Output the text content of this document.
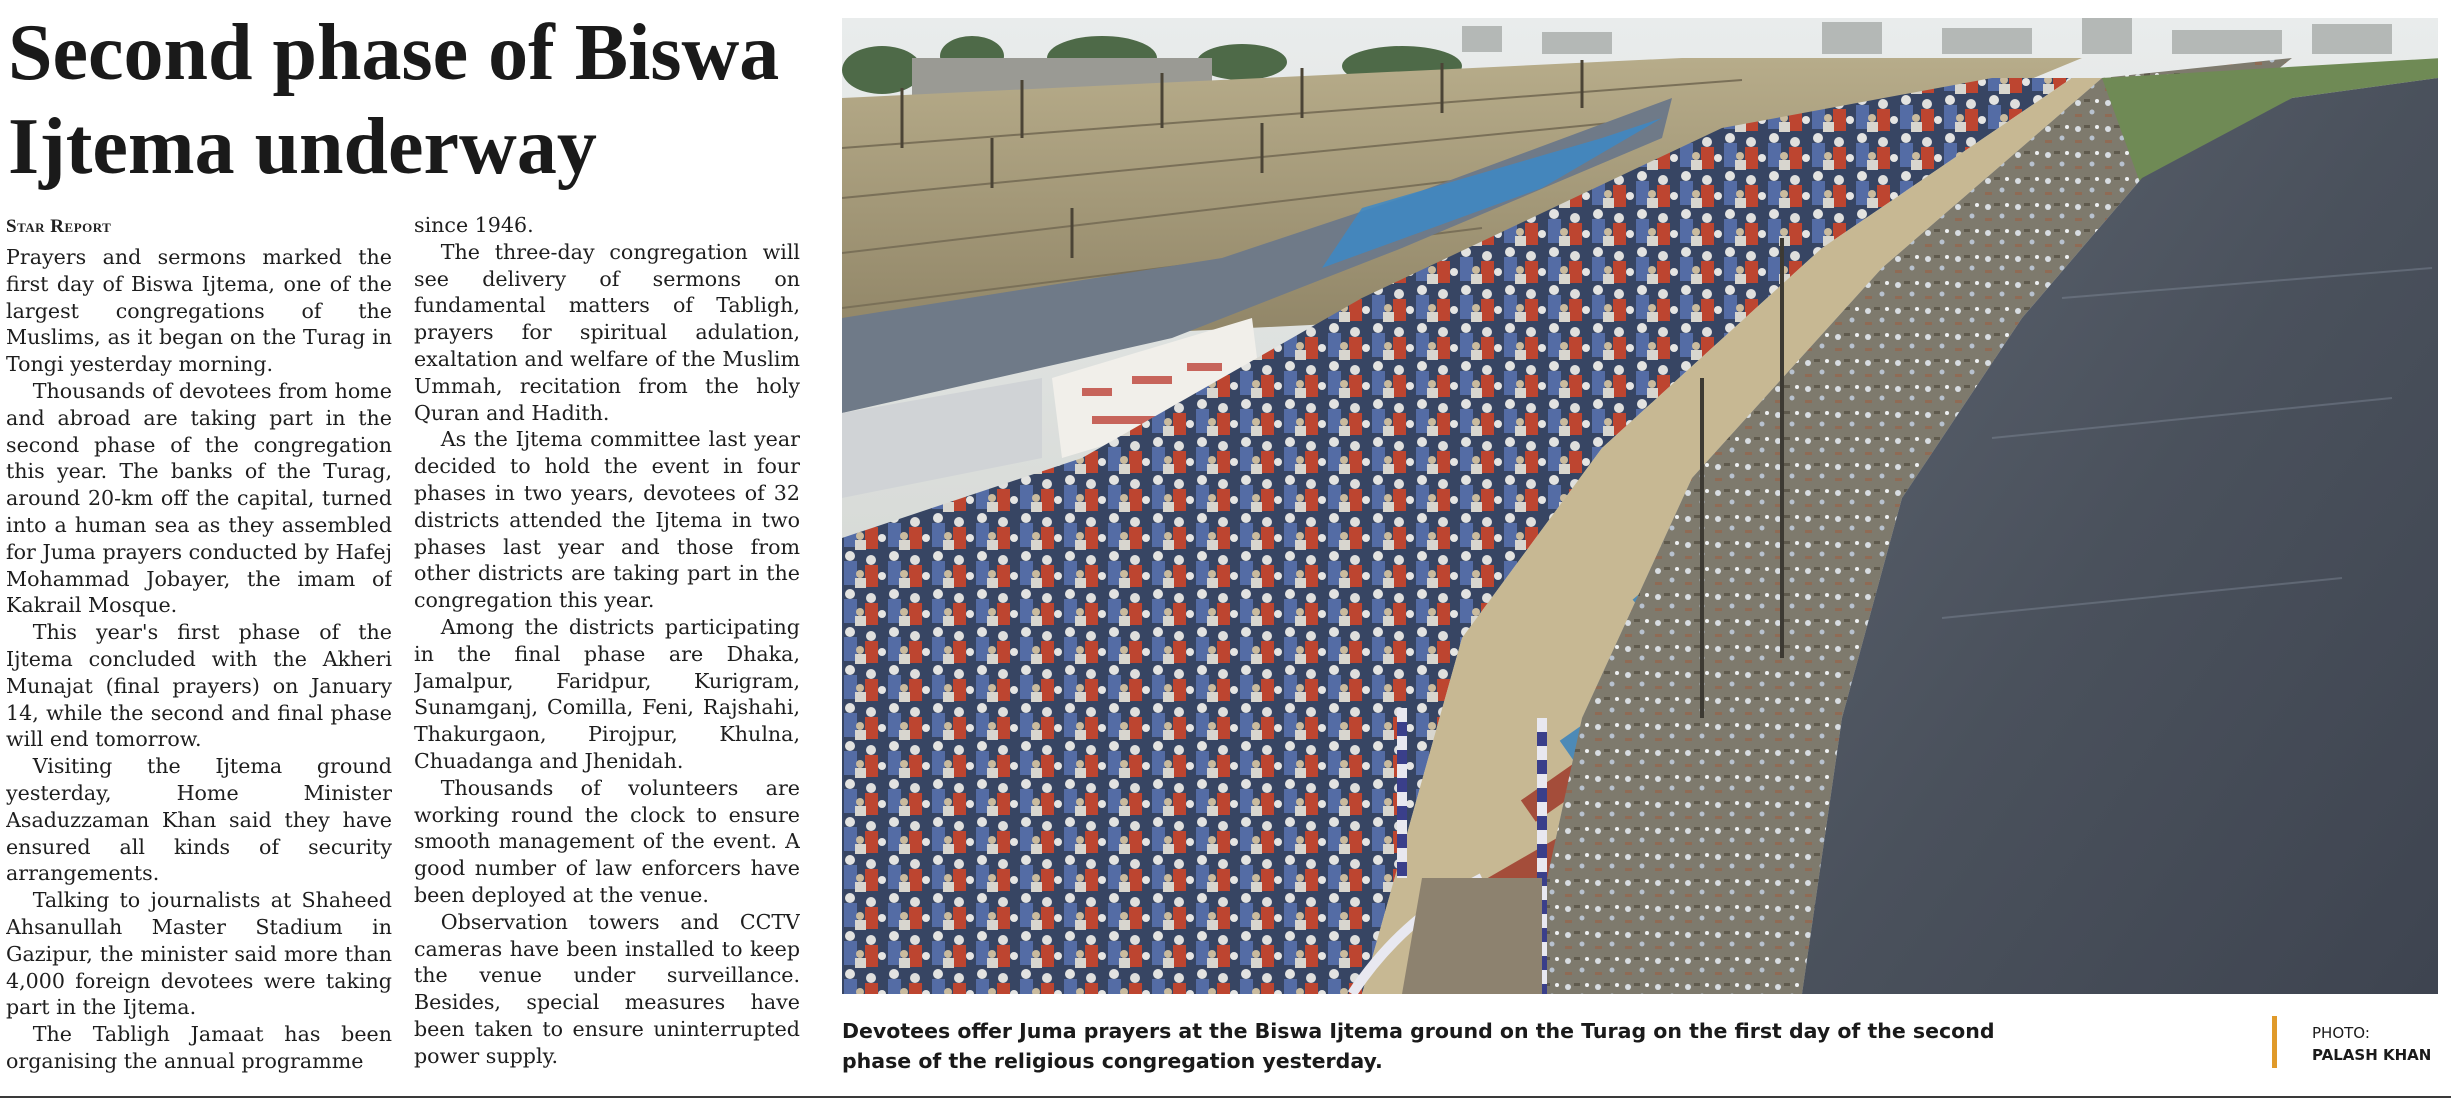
Second phase of Biswa
Ijtema underway
Star Report

Prayers and sermons marked the first day of Biswa Ijtema, one of the largest congregations of the Muslims, as it began on the Turag in Tongi yesterday morning.

Thousands of devotees from home and abroad are taking part in the second phase of the congregation this year. The banks of the Turag, around 20-km off the capital, turned into a human sea as they assembled for Juma prayers conducted by Hafej Mohammad Jobayer, the imam of Kakrail Mosque.

This year's first phase of the Ijtema concluded with the Akheri Munajat (final prayers) on January 14, while the second and final phase will end tomorrow.

Visiting the Ijtema ground yesterday, Home Minister Asaduzzaman Khan said they have ensured all kinds of security arrangements.

Talking to journalists at Shaheed Ahsanullah Master Stadium in Gazipur, the minister said more than 4,000 foreign devotees were taking part in the Ijtema.

The Tabligh Jamaat has been organising the annual programme

since 1946.

The three-day congregation will see delivery of sermons on fundamental matters of Tabligh, prayers for spiritual adulation, exaltation and welfare of the Muslim Ummah, recitation from the holy Quran and Hadith.

As the Ijtema committee last year decided to hold the event in four phases in two years, devotees of 32 districts attended the Ijtema in two phases last year and those from other districts are taking part in the congregation this year.

Among the districts participating in the final phase are Dhaka, Jamalpur, Faridpur, Kurigram, Sunamganj, Comilla, Feni, Rajshahi, Thakurgaon, Pirojpur, Khulna, Chuadanga and Jhenidah.

Thousands of volunteers are working round the clock to ensure smooth management of the event. A good number of law enforcers have been deployed at the venue.

Observation towers and CCTV cameras have been installed to keep the venue under surveillance. Besides, special measures have been taken to ensure uninterrupted power supply.

Devotees offer Juma prayers at the Biswa Ijtema ground on the Turag on the first day of the second phase of the religious congregation yesterday.
PHOTO:
PALASH KHAN
